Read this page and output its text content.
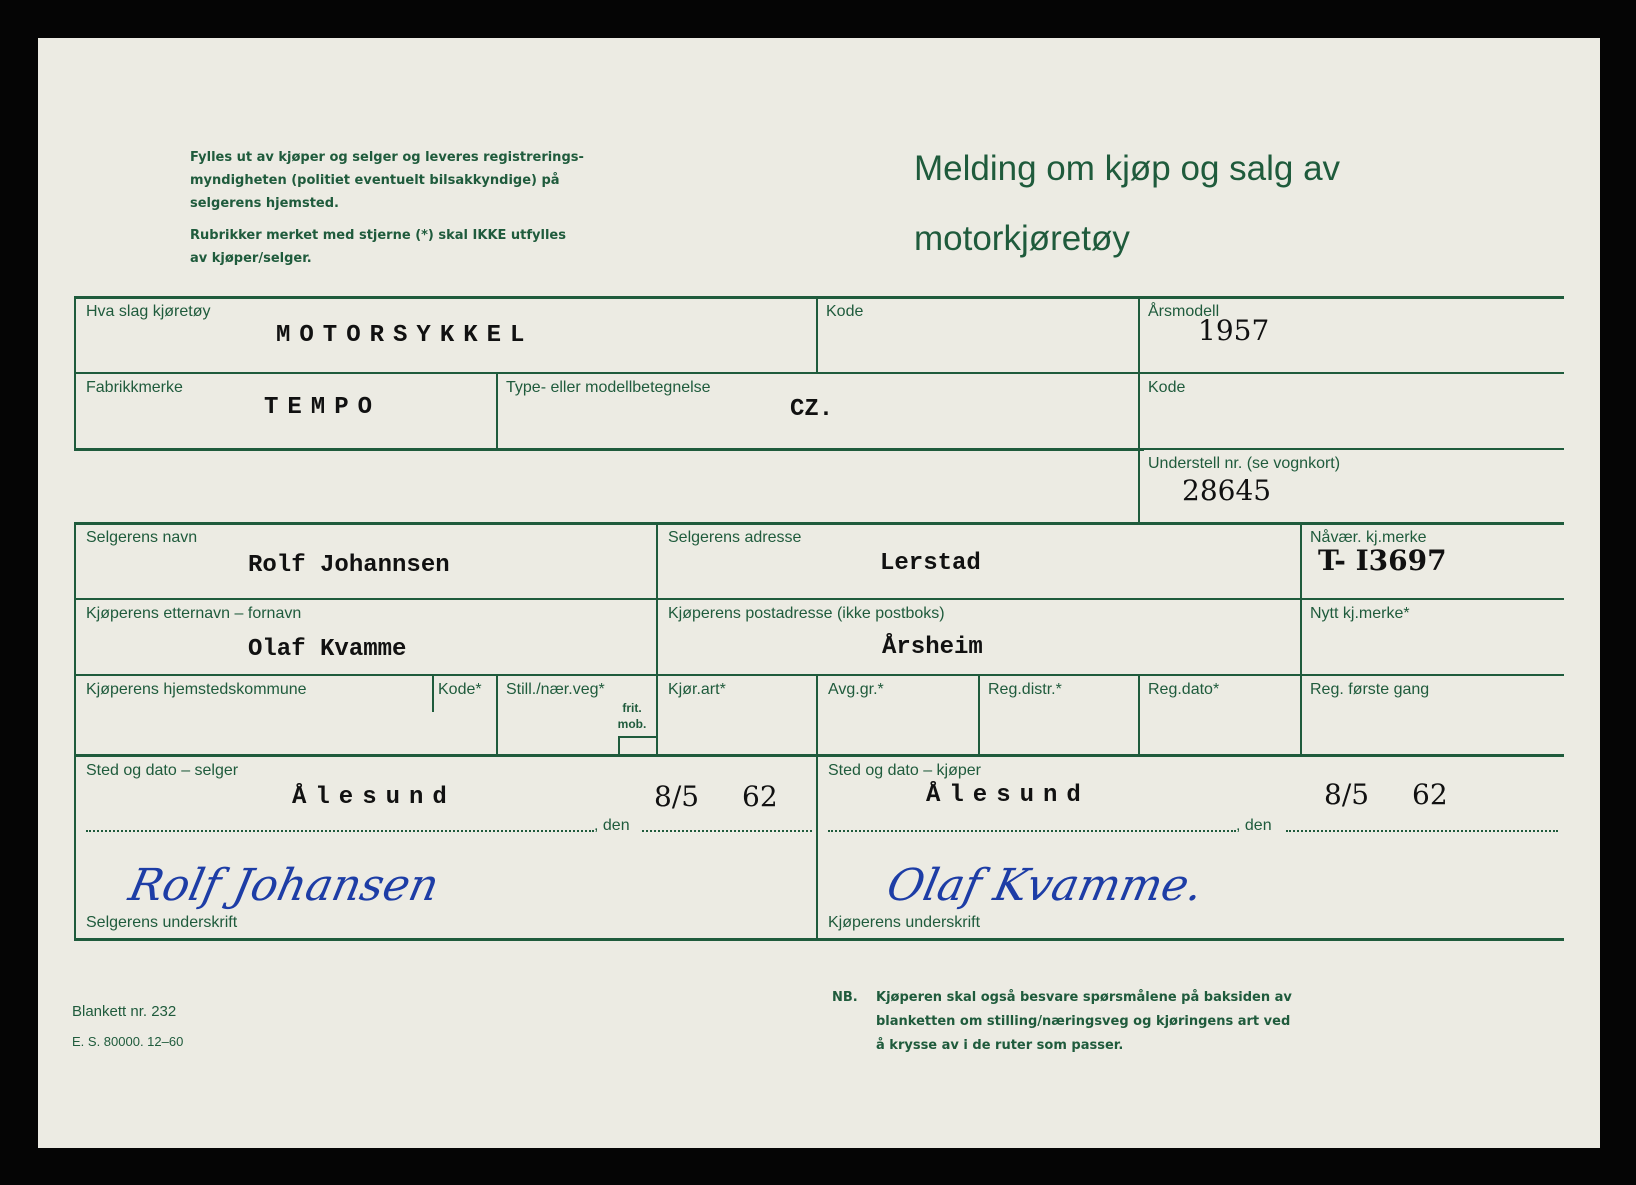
Fylles ut av kjøper og selger og leveres registrerings-
myndigheten (politiet eventuelt bilsakkyndige) på
selgerens hjemsted.
Rubrikker merket med stjerne (*) skal IKKE utfylles
av kjøper/selger.
Melding om kjøp og salg av
motorkjøretøy
Hva slag kjøretøy
MOTORSYKKEL
Kode	Årsmodell
1957
Fabrikkmerke
TEMPO
Type- eller modellbetegnelse
CZ.
Kode
Understell nr. (se vognkort)
28645
Selgerens navn
Rolf Johannsen
Selgerens adresse
Lerstad
Nåvær. kj.merke
T- I3697
Kjøperens etternavn – fornavn
Olaf Kvamme
Kjøperens postadresse (ikke postboks)
Årsheim
Nytt kj.merke*
Kjøperens hjemstedskommune	Kode* Still./nær.veg*
frit.
mob.
Kjør.art*	Avg.gr.*	Reg.distr.*	Reg.dato*	Reg. første gang
Sted og dato – selger
Ålesund	8/5 62
, den
Sted og dato – kjøper
Ålesund	8/5 62
, den
Rolf Johansen
Selgerens underskrift
Olaf Kvamme.
Kjøperens underskrift
Blankett nr. 232
E. S. 80000. 12–60
NB. Kjøperen skal også besvare spørsmålene på baksiden av
blanketten om stilling/næringsveg og kjøringens art ved
å krysse av i de ruter som passer.
